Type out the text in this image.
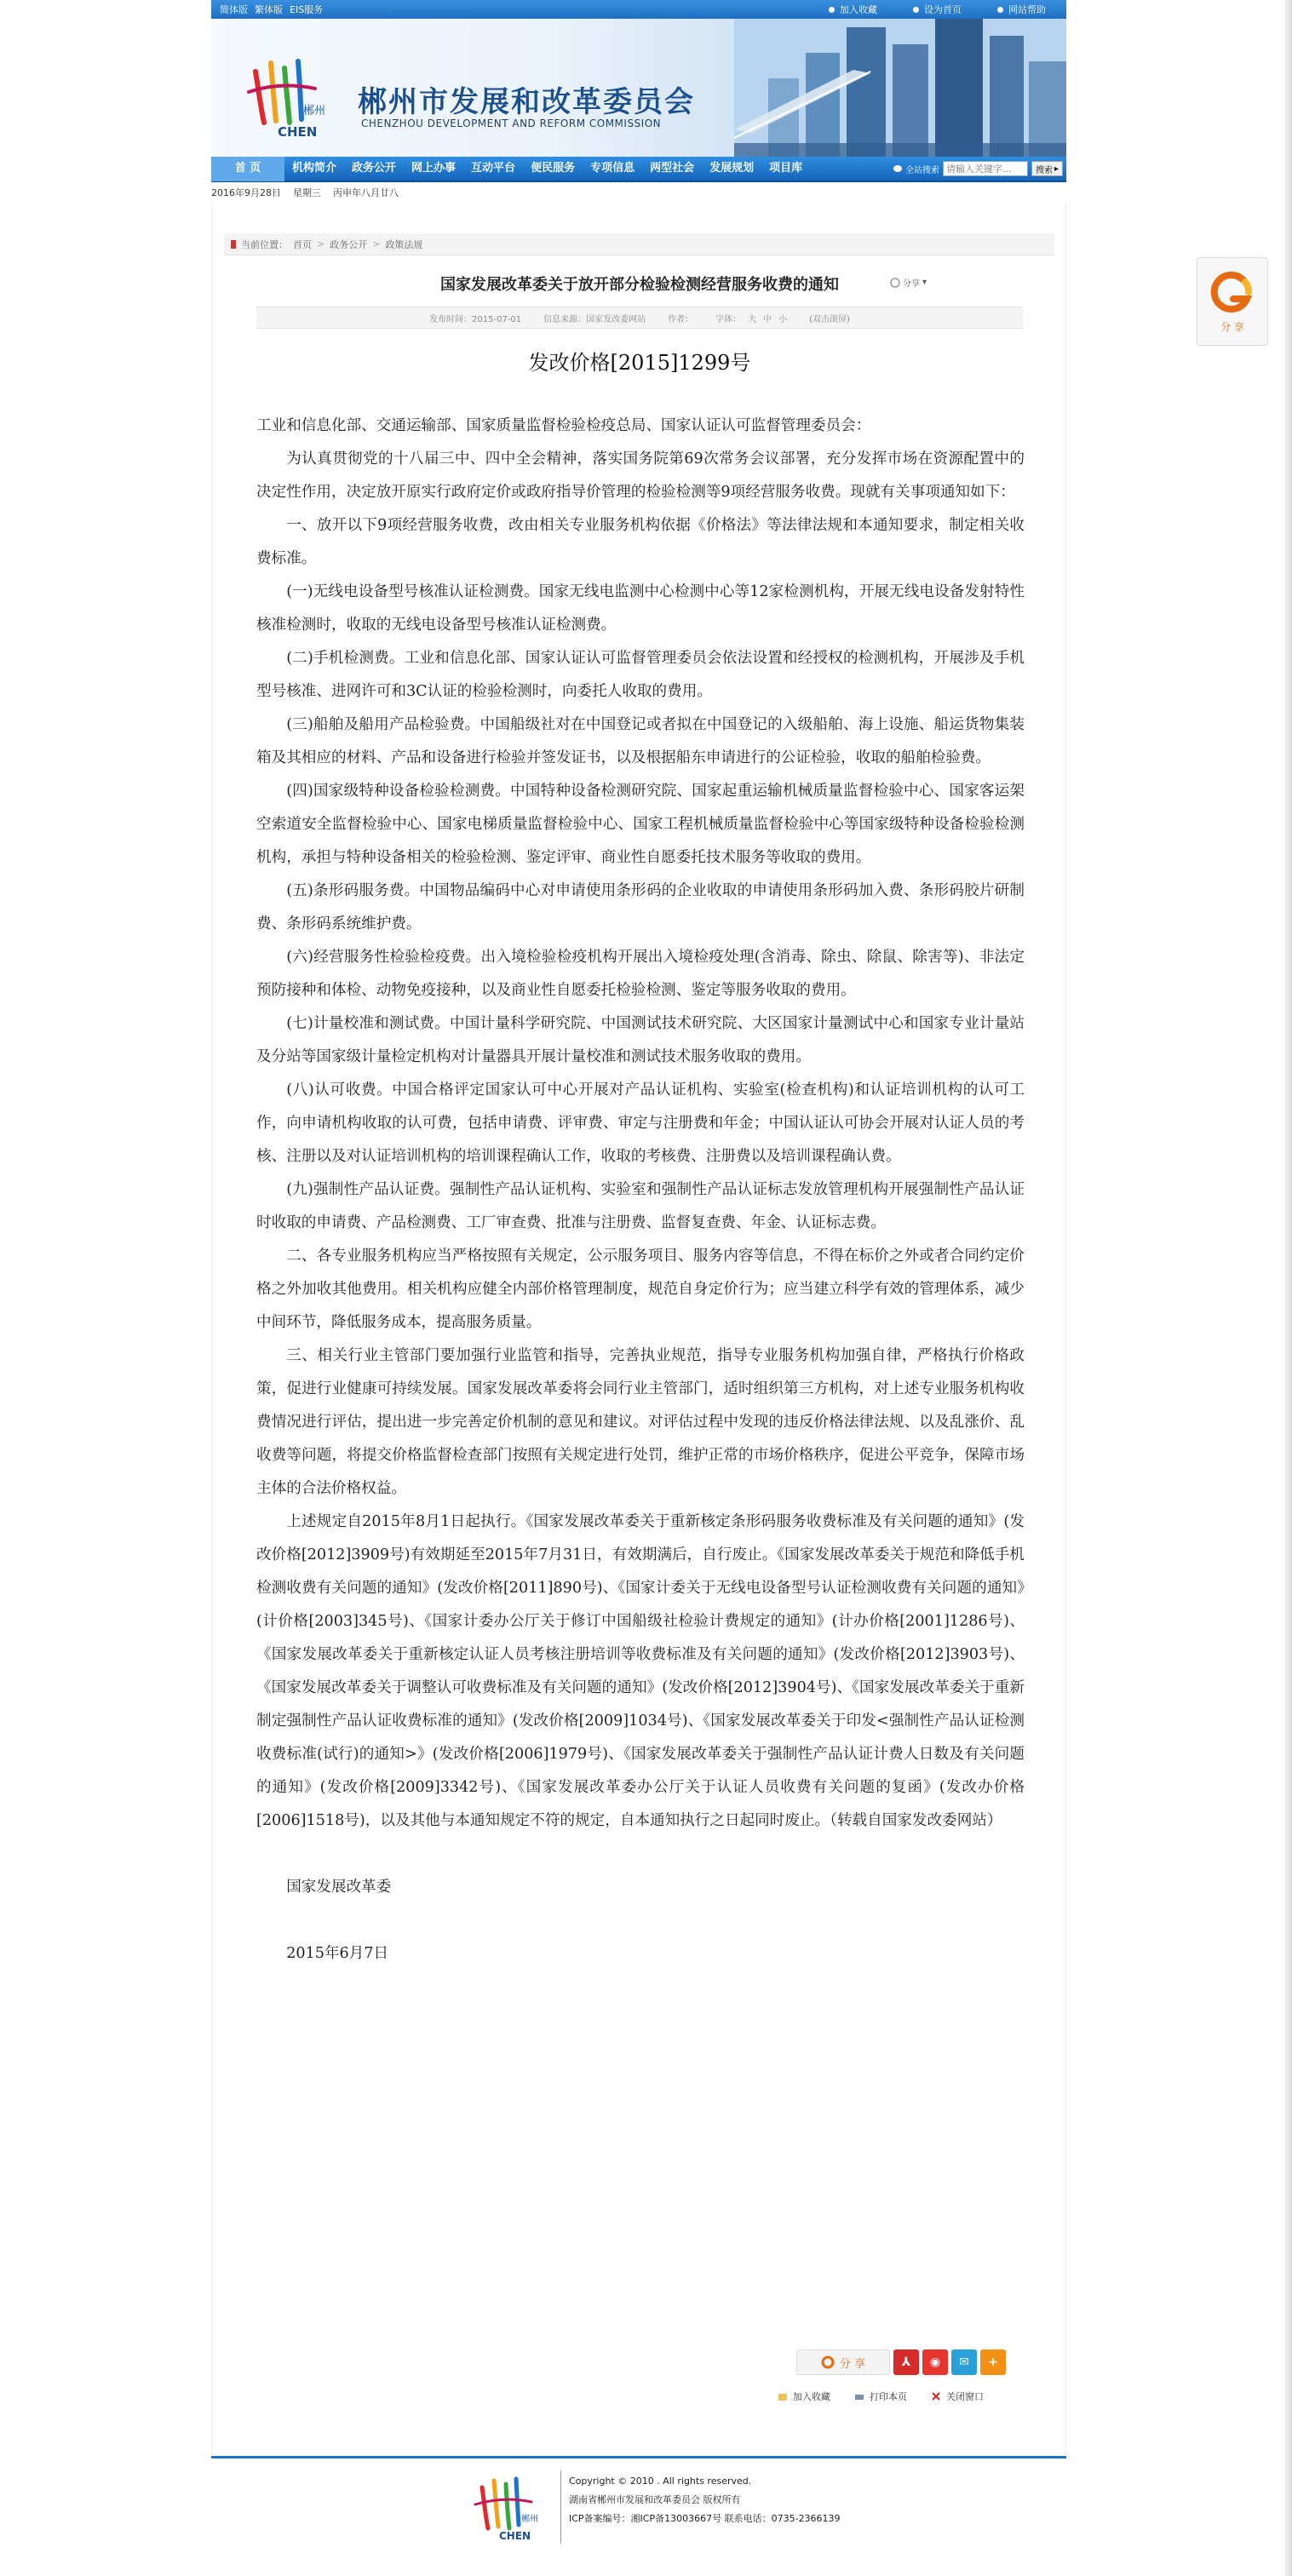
简体版 繁体版 EIS服务	加入收藏	设为首页	网站帮助
郴州
CHEN
郴州市发展和改革委员会
CHENZHOU DEVELOPMENT AND REFORM COMMISSION
首 页	机构简介	政务公开	网上办事	互动平台	便民服务	专项信息	两型社会	发展规划	项目库	全站搜索
请输入关键字...	搜索 ▸
2016年9月28日 星期三 丙申年八月廿八
当前位置： 首页 > 政务公开 > 政策法规
国家发展改革委关于放开部分检验检测经营服务收费的通知	分享 ▾
发布时间：2015-07-01	信息来源：国家发改委网站	作者：	字体： 大 中 小	(双击滚屏)
发改价格[2015]1299号

工业和信息化部、交通运输部、国家质量监督检验检疫总局、国家认证认可监督管理委员会：

为认真贯彻党的十八届三中、四中全会精神，落实国务院第69次常务会议部署，充分发挥市场在资源配置中的决定性作用，决定放开原实行政府定价或政府指导价管理的检验检测等9项经营服务收费。现就有关事项通知如下：

一、放开以下9项经营服务收费，改由相关专业服务机构依据《价格法》等法律法规和本通知要求，制定相关收费标准。

(一)无线电设备型号核准认证检测费。国家无线电监测中心检测中心等12家检测机构，开展无线电设备发射特性核准检测时，收取的无线电设备型号核准认证检测费。

(二)手机检测费。工业和信息化部、国家认证认可监督管理委员会依法设置和经授权的检测机构，开展涉及手机型号核准、进网许可和3C认证的检验检测时，向委托人收取的费用。

(三)船舶及船用产品检验费。中国船级社对在中国登记或者拟在中国登记的入级船舶、海上设施、船运货物集装箱及其相应的材料、产品和设备进行检验并签发证书，以及根据船东申请进行的公证检验，收取的船舶检验费。

(四)国家级特种设备检验检测费。中国特种设备检测研究院、国家起重运输机械质量监督检验中心、国家客运架空索道安全监督检验中心、国家电梯质量监督检验中心、国家工程机械质量监督检验中心等国家级特种设备检验检测机构，承担与特种设备相关的检验检测、鉴定评审、商业性自愿委托技术服务等收取的费用。

(五)条形码服务费。中国物品编码中心对申请使用条形码的企业收取的申请使用条形码加入费、条形码胶片研制费、条形码系统维护费。

(六)经营服务性检验检疫费。出入境检验检疫机构开展出入境检疫处理(含消毒、除虫、除鼠、除害等)、非法定预防接种和体检、动物免疫接种，以及商业性自愿委托检验检测、鉴定等服务收取的费用。

(七)计量校准和测试费。中国计量科学研究院、中国测试技术研究院、大区国家计量测试中心和国家专业计量站及分站等国家级计量检定机构对计量器具开展计量校准和测试技术服务收取的费用。

(八)认可收费。中国合格评定国家认可中心开展对产品认证机构、实验室(检查机构)和认证培训机构的认可工作，向申请机构收取的认可费，包括申请费、评审费、审定与注册费和年金；中国认证认可协会开展对认证人员的考核、注册以及对认证培训机构的培训课程确认工作，收取的考核费、注册费以及培训课程确认费。

(九)强制性产品认证费。强制性产品认证机构、实验室和强制性产品认证标志发放管理机构开展强制性产品认证时收取的申请费、产品检测费、工厂审查费、批准与注册费、监督复查费、年金、认证标志费。

二、各专业服务机构应当严格按照有关规定，公示服务项目、服务内容等信息，不得在标价之外或者合同约定价格之外加收其他费用。相关机构应健全内部价格管理制度，规范自身定价行为；应当建立科学有效的管理体系，减少中间环节，降低服务成本，提高服务质量。

三、相关行业主管部门要加强行业监管和指导，完善执业规范，指导专业服务机构加强自律，严格执行价格政策，促进行业健康可持续发展。国家发展改革委将会同行业主管部门，适时组织第三方机构，对上述专业服务机构收费情况进行评估，提出进一步完善定价机制的意见和建议。对评估过程中发现的违反价格法律法规、以及乱涨价、乱收费等问题，将提交价格监督检查部门按照有关规定进行处罚，维护正常的市场价格秩序，促进公平竞争，保障市场主体的合法价格权益。

上述规定自2015年8月1日起执行。《国家发展改革委关于重新核定条形码服务收费标准及有关问题的通知》(发改价格[2012]3909号)有效期延至2015年7月31日，有效期满后，自行废止。《国家发展改革委关于规范和降低手机检测收费有关问题的通知》(发改价格[2011]890号)、《国家计委关于无线电设备型号认证检测收费有关问题的通知》(计价格[2003]345号)、《国家计委办公厅关于修订中国船级社检验计费规定的通知》(计办价格[2001]1286号)、《国家发展改革委关于重新核定认证人员考核注册培训等收费标准及有关问题的通知》(发改价格[2012]3903号)、《国家发展改革委关于调整认可收费标准及有关问题的通知》(发改价格[2012]3904号)、《国家发展改革委关于重新制定强制性产品认证收费标准的通知》(发改价格[2009]1034号)、《国家发展改革委关于印发<强制性产品认证检测收费标准(试行)的通知>》(发改价格[2006]1979号)、《国家发展改革委关于强制性产品认证计费人日数及有关问题的通知》(发改价格[2009]3342号)、《国家发展改革委办公厅关于认证人员收费有关问题的复函》(发改办价格[2006]1518号)，以及其他与本通知规定不符的规定，自本通知执行之日起同时废止。（转载自国家发改委网站）

国家发展改革委

2015年6月7日

分 享	⅄	◉	✉	+
加入收藏	打印本页	关闭窗口
郴州
CHEN
Copyright © 2010 . All rights reserved.
湖南省郴州市发展和改革委员会 版权所有
ICP备案编号：湘ICP备13003667号 联系电话：0735-2366139
分 享
